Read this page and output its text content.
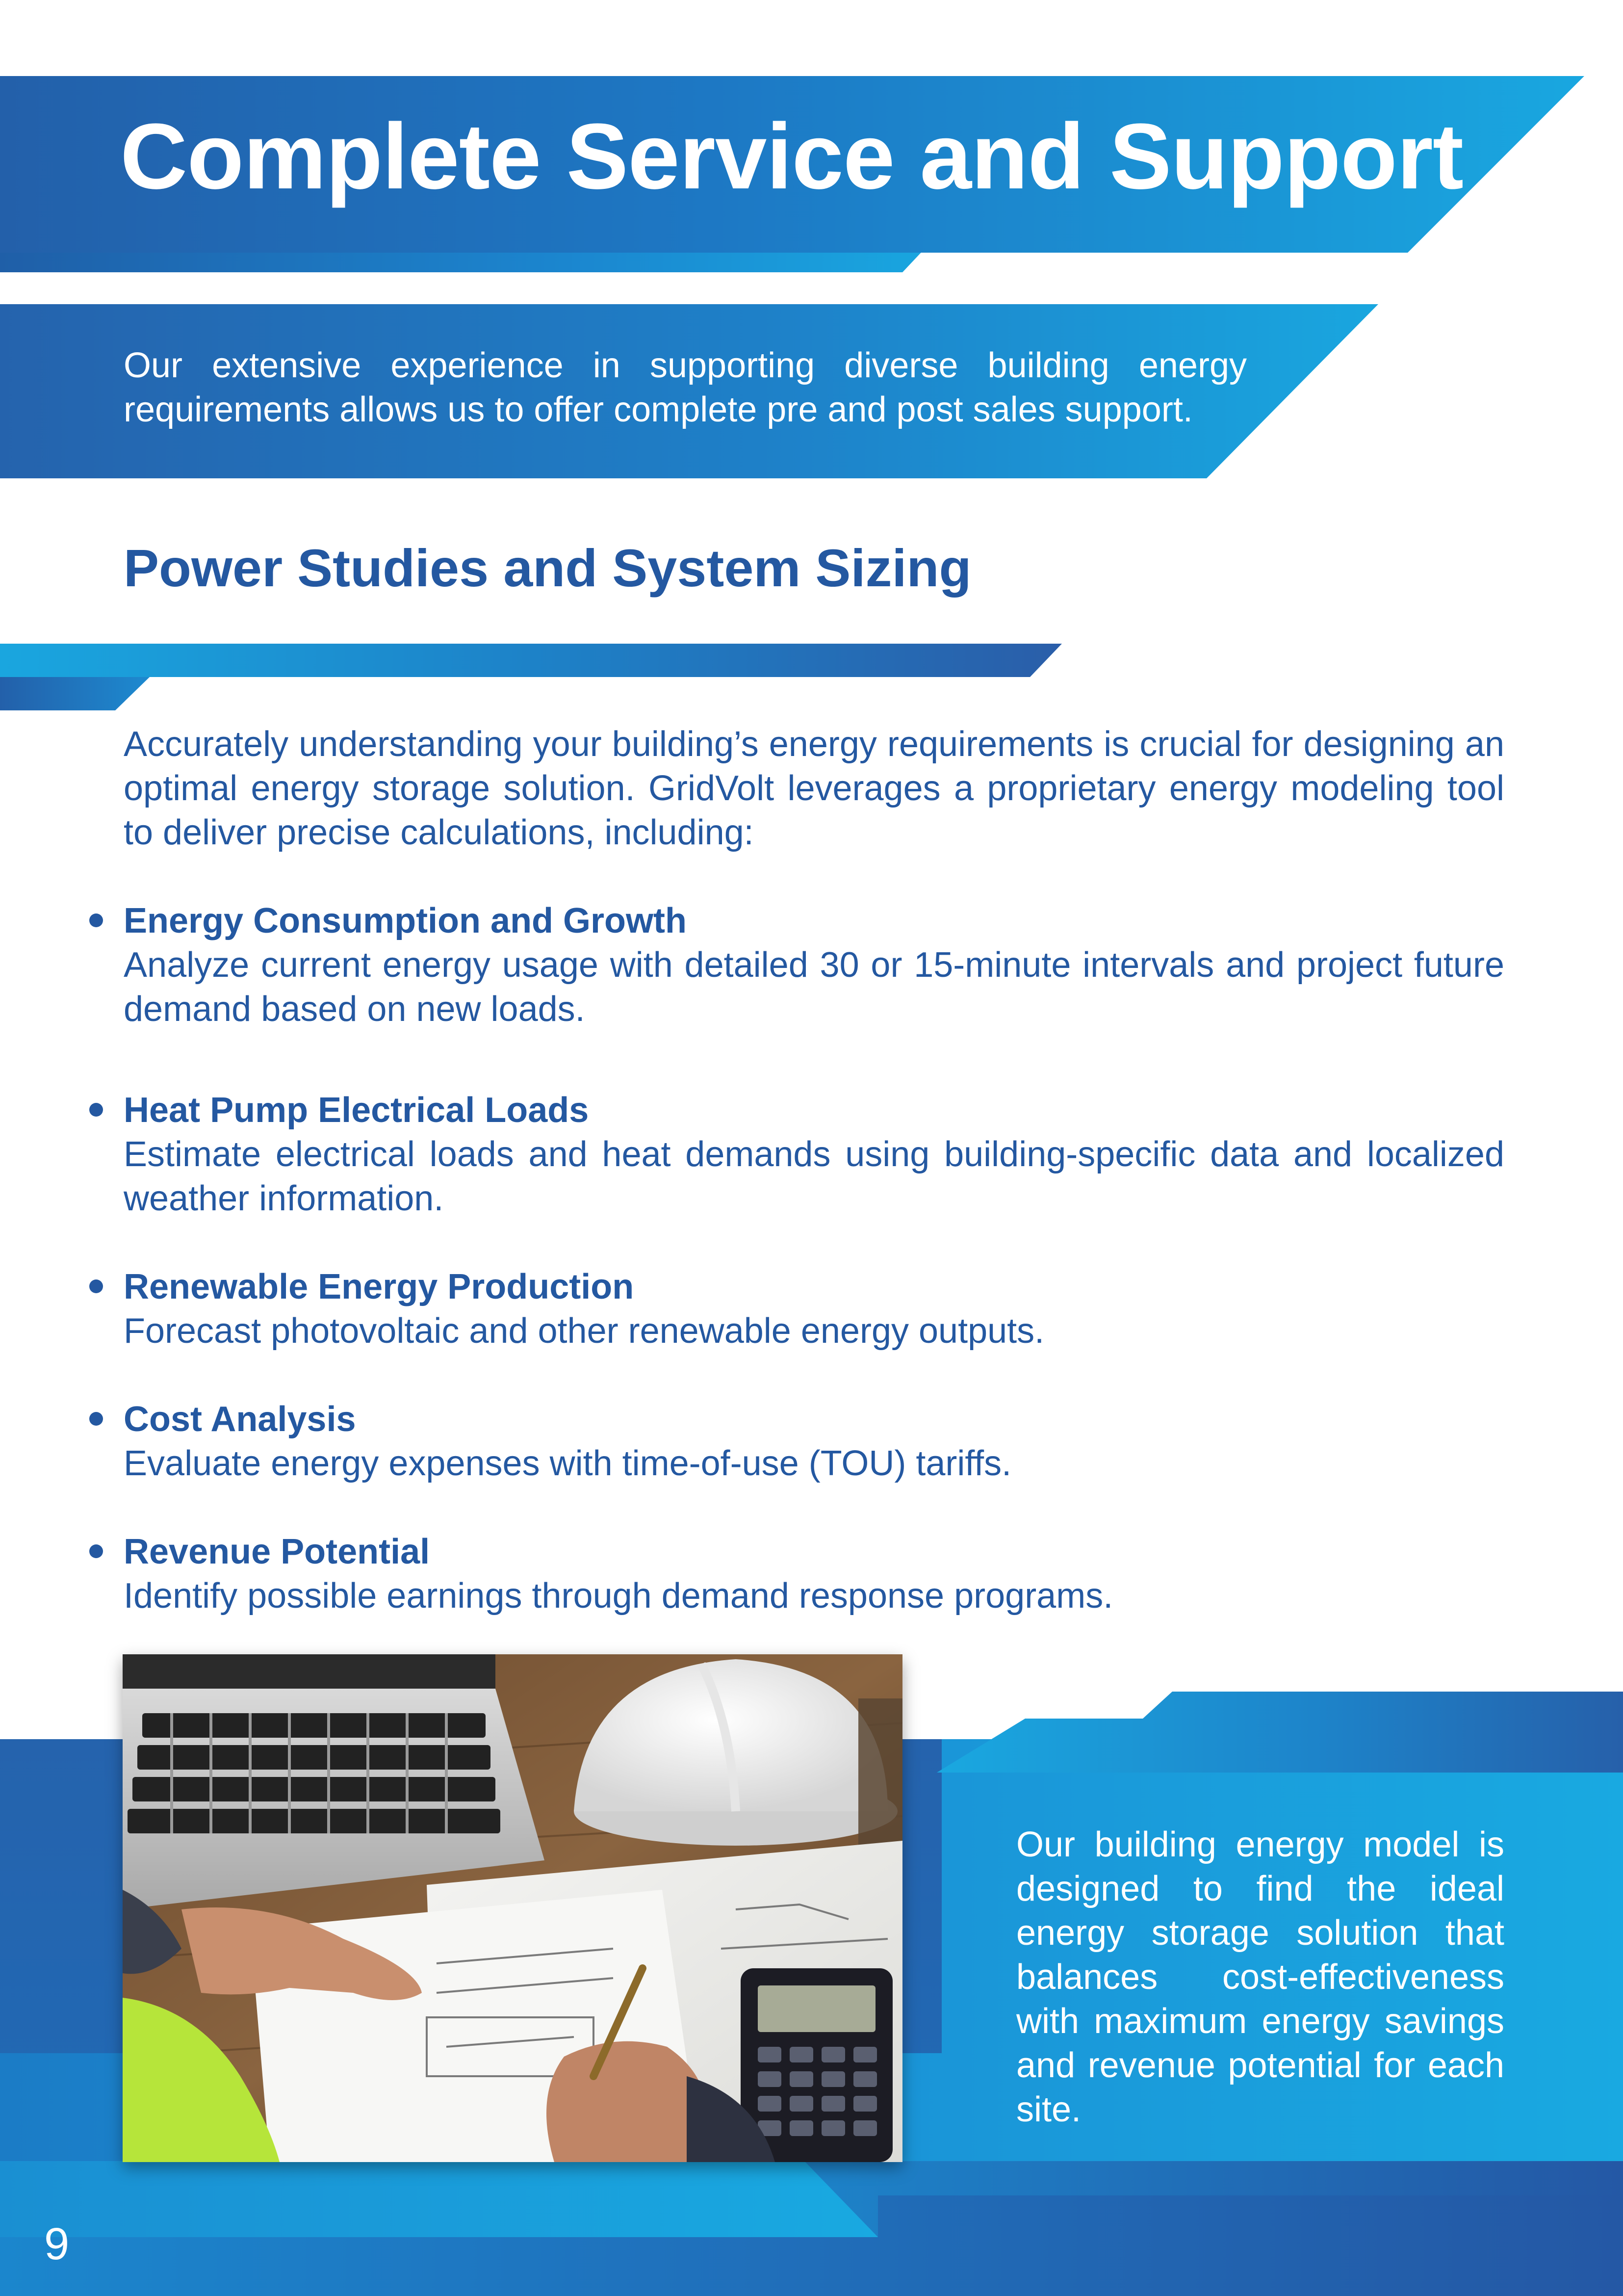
Complete Service and Support
Our extensive experience in supporting diverse building energy requirements allows us to offer complete pre and post sales support.
Power Studies and System Sizing
Accurately understanding your building’s energy requirements is crucial for designing an optimal energy storage solution. GridVolt leverages a proprietary energy modeling tool to deliver precise calculations, including:
Energy Consumption and Growth
Analyze current energy usage with detailed 30 or 15-minute intervals and project future demand based on new loads.
Heat Pump Electrical Loads
Estimate electrical loads and heat demands using building-specific data and localized weather information.
Renewable Energy Production
Forecast photovoltaic and other renewable energy outputs.
Cost Analysis
Evaluate energy expenses with time-of-use (TOU) tariffs.
Revenue Potential
Identify possible earnings through demand response programs.
Our building energy model is designed to find the ideal energy storage solution that balances cost-effectiveness with maximum energy savings and revenue potential for each site.
9
